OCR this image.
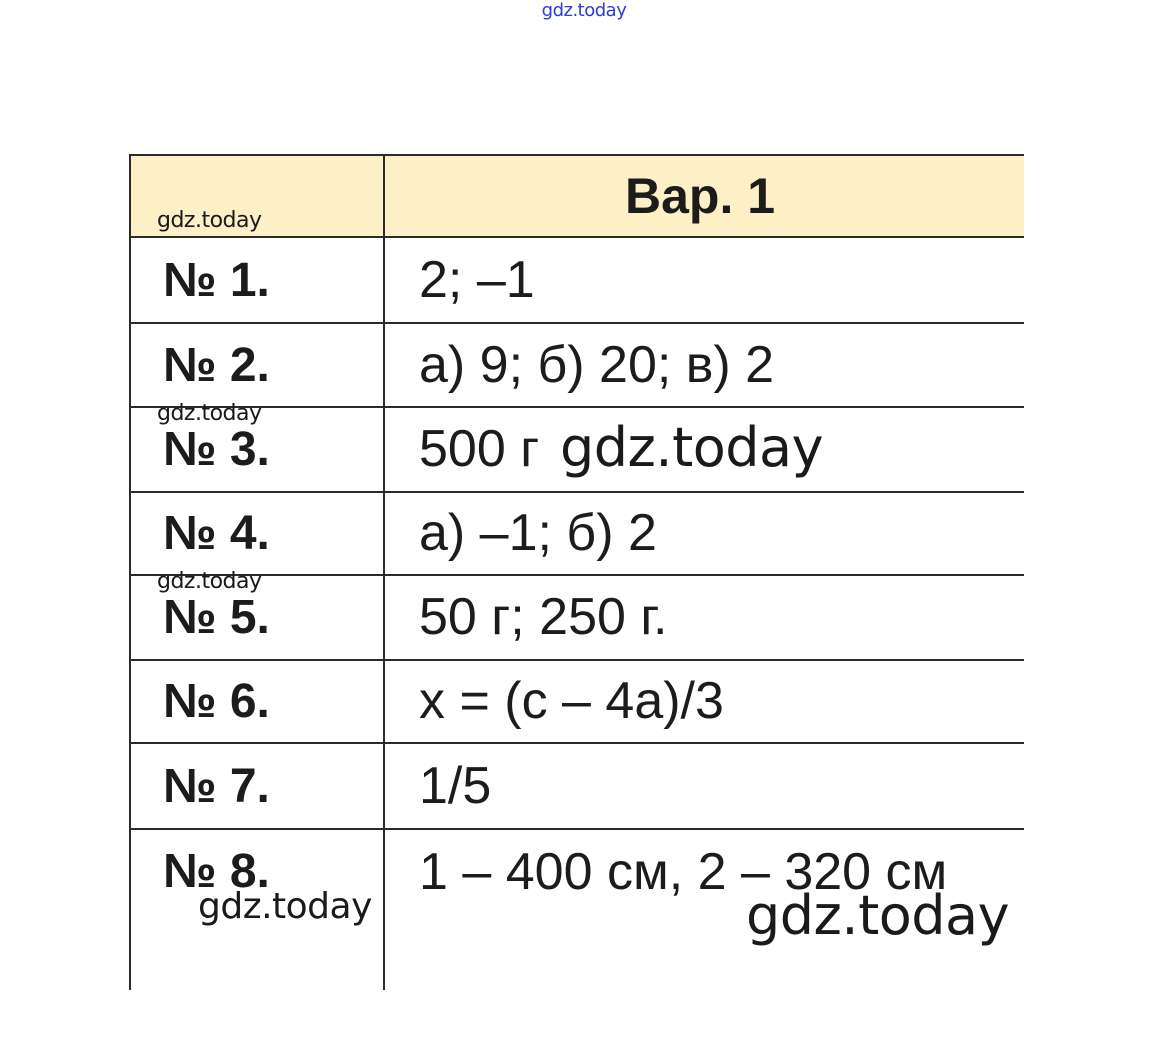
gdz.today

	Вар. 1

№ 1.	2; –1
№ 2.	а) 9; б) 20; в) 2
№ 3.	500 г
№ 4.	а) –1; б) 2
№ 5.	50 г; 250 г.
№ 6.	х = (с – 4а)/3
№ 7.	1/5
№ 8.	1 – 400 см, 2 – 320 см
gdz.today
gdz.today
gdz.today
gdz.today
gdz.today	gdz.today
